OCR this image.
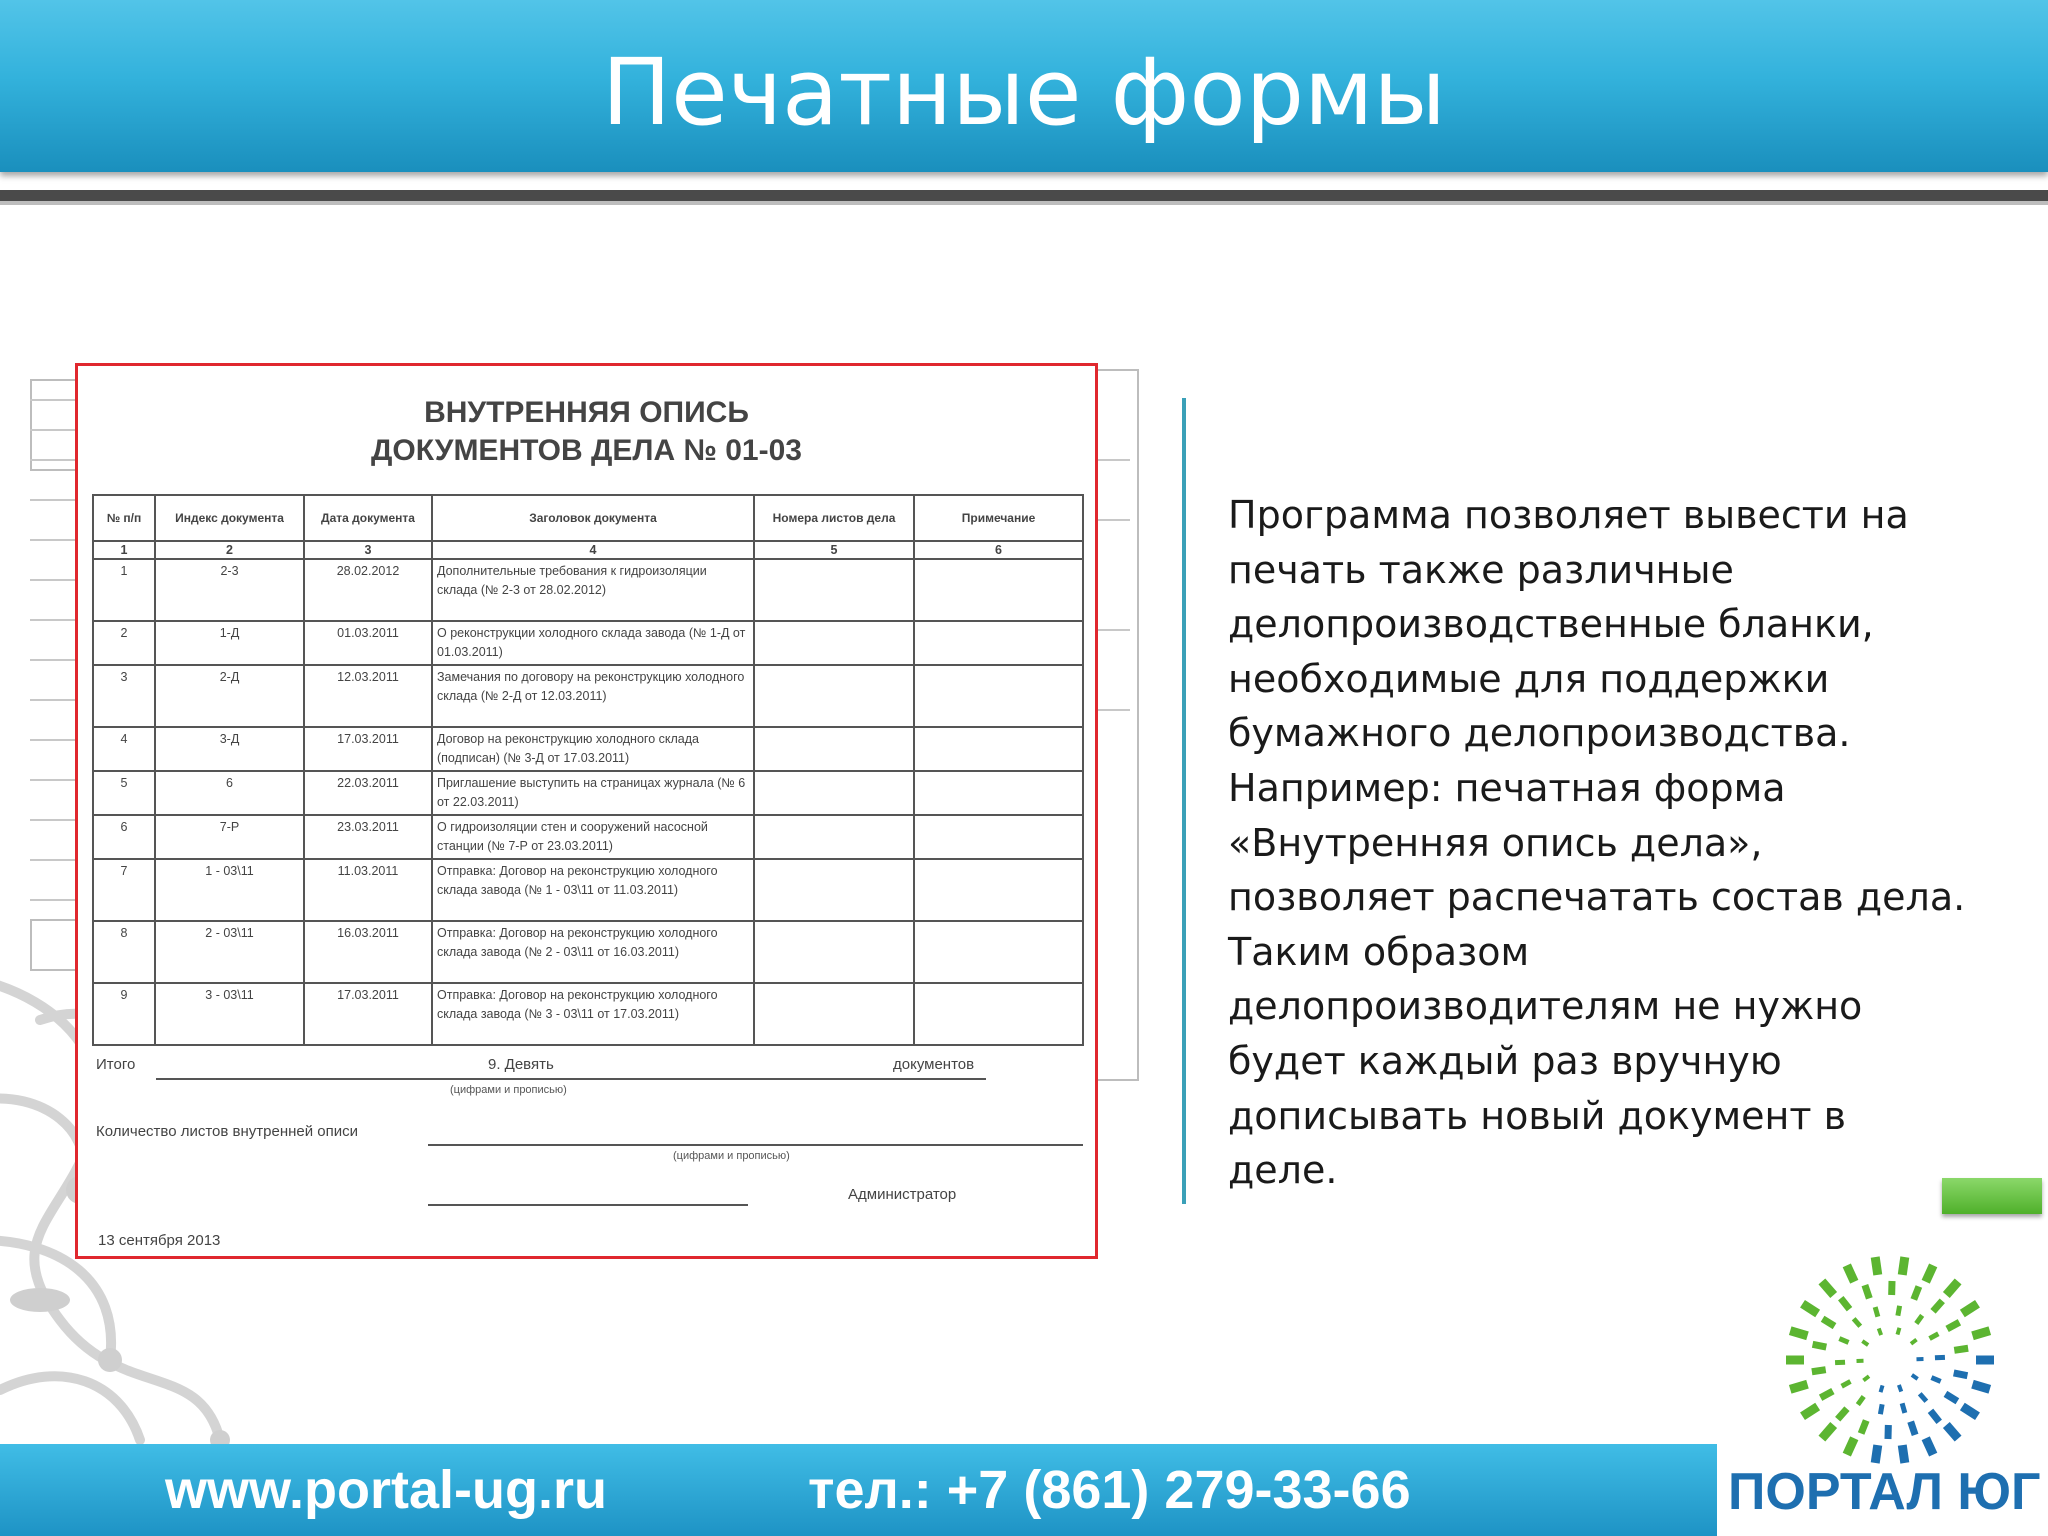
Печатные формы
ВНУТРЕННЯЯ ОПИСЬ
ДОКУМЕНТОВ ДЕЛА № 01-03
№ п/п	Индекс документа	Дата документа	Заголовок документа	Номера листов дела	Примечание
1	2	3	4	5	6
1	2-3	28.02.2012	Дополнительные требования к гидроизоляции склада (№ 2-3 от 28.02.2012)		
2	1-Д	01.03.2011	О реконструкции холодного склада завода (№ 1-Д от 01.03.2011)		
3	2-Д	12.03.2011	Замечания по договору на реконструкцию холодного склада (№ 2-Д от 12.03.2011)		
4	3-Д	17.03.2011	Договор на реконструкцию холодного склада (подписан) (№ 3-Д от 17.03.2011)		
5	6	22.03.2011	Приглашение выступить на страницах журнала (№ 6 от 22.03.2011)		
6	7-Р	23.03.2011	О гидроизоляции стен и сооружений насосной станции (№ 7-Р от 23.03.2011)		
7	1 - 03\11	11.03.2011	Отправка: Договор на реконструкцию холодного склада завода (№ 1 - 03\11 от 11.03.2011)		
8	2 - 03\11	16.03.2011	Отправка: Договор на реконструкцию холодного склада завода (№ 2 - 03\11 от 16.03.2011)		
9	3 - 03\11	17.03.2011	Отправка: Договор на реконструкцию холодного склада завода (№ 3 - 03\11 от 17.03.2011)		
Итого	9. Девять	документов
(цифрами и прописью)
Количество листов внутренней описи
(цифрами и прописью)
Администратор
13 сентября 2013
Программа позволяет вывести на
печать также различные
делопроизводственные бланки,
необходимые для поддержки
бумажного делопроизводства.
Например: печатная форма
«Внутренняя опись дела»,
позволяет распечатать состав дела.
Таким образом
делопроизводителям не нужно
будет каждый раз вручную
дописывать новый документ в
деле.
www.portal-ug.ru	тел.: +7 (861) 279-33-66	ПОРТАЛ ЮГ
